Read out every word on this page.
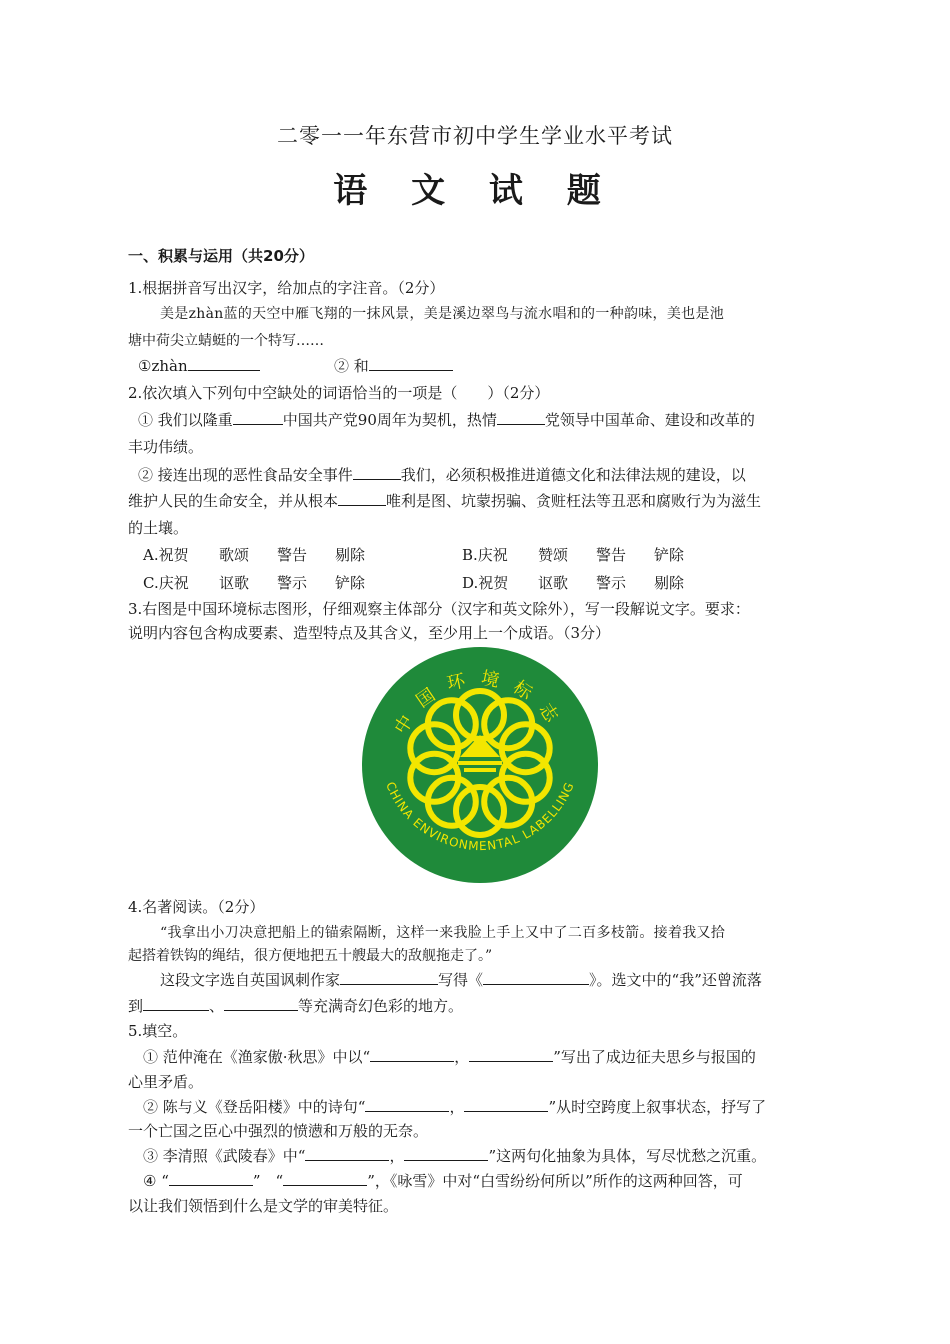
二零一一年东营市初中学生学业水平考试
语 文 试 题
一、积累与运用（共20分）
1.根据拼音写出汉字，给加点的字注音。（2分）
美是zhàn蓝的天空中雁飞翔的一抹风景，美是溪边翠鸟与流水唱和的一种韵味，美也是池
塘中荷尖立蜻蜓的一个特写……
①zhàn	② 和
2.依次填入下列句中空缺处的词语恰当的一项是（　　）（2分）
① 我们以隆重	中国共产党90周年为契机，热情	党领导中国革命、建设和改革的
丰功伟绩。
② 接连出现的恶性食品安全事件	我们，必须积极推进道德文化和法律法规的建设，以
维护人民的生命安全，并从根本	唯利是图、坑蒙拐骗、贪赃枉法等丑恶和腐败行为为滋生
的土壤。
A.祝贺 歌颂 警告 剔除	B.庆祝 赞颂 警告 铲除
C.庆祝 讴歌 警示 铲除	D.祝贺 讴歌 警示 剔除
3.右图是中国环境标志图形，仔细观察主体部分（汉字和英文除外），写一段解说文字。要求：
说明内容包含构成要素、造型特点及其含义，至少用上一个成语。（3分）
中国环境标志
CHINA ENVIRONMENTAL LABELLING
4.名著阅读。（2分）
“我拿出小刀决意把船上的锚索隔断，这样一来我脸上手上又中了二百多枝箭。接着我又拾
起搭着铁钩的绳结，很方便地把五十艘最大的敌舰拖走了。”
这段文字选自英国讽刺作家	写得《	》。选文中的“我”还曾流落
到	、	等充满奇幻色彩的地方。
5.填空。
① 范仲淹在《渔家傲·秋思》中以“	，	”写出了成边征夫思乡与报国的
心里矛盾。
② 陈与义《登岳阳楼》中的诗句“	，	”从时空跨度上叙事状态，抒写了
一个亡国之臣心中强烈的愤懑和万般的无奈。
③ 李清照《武陵春》中“	，	”这两句化抽象为具体，写尽忧愁之沉重。
④ “	”　“	”，《咏雪》中对“白雪纷纷何所以”所作的这两种回答，可
以让我们领悟到什么是文学的审美特征。
